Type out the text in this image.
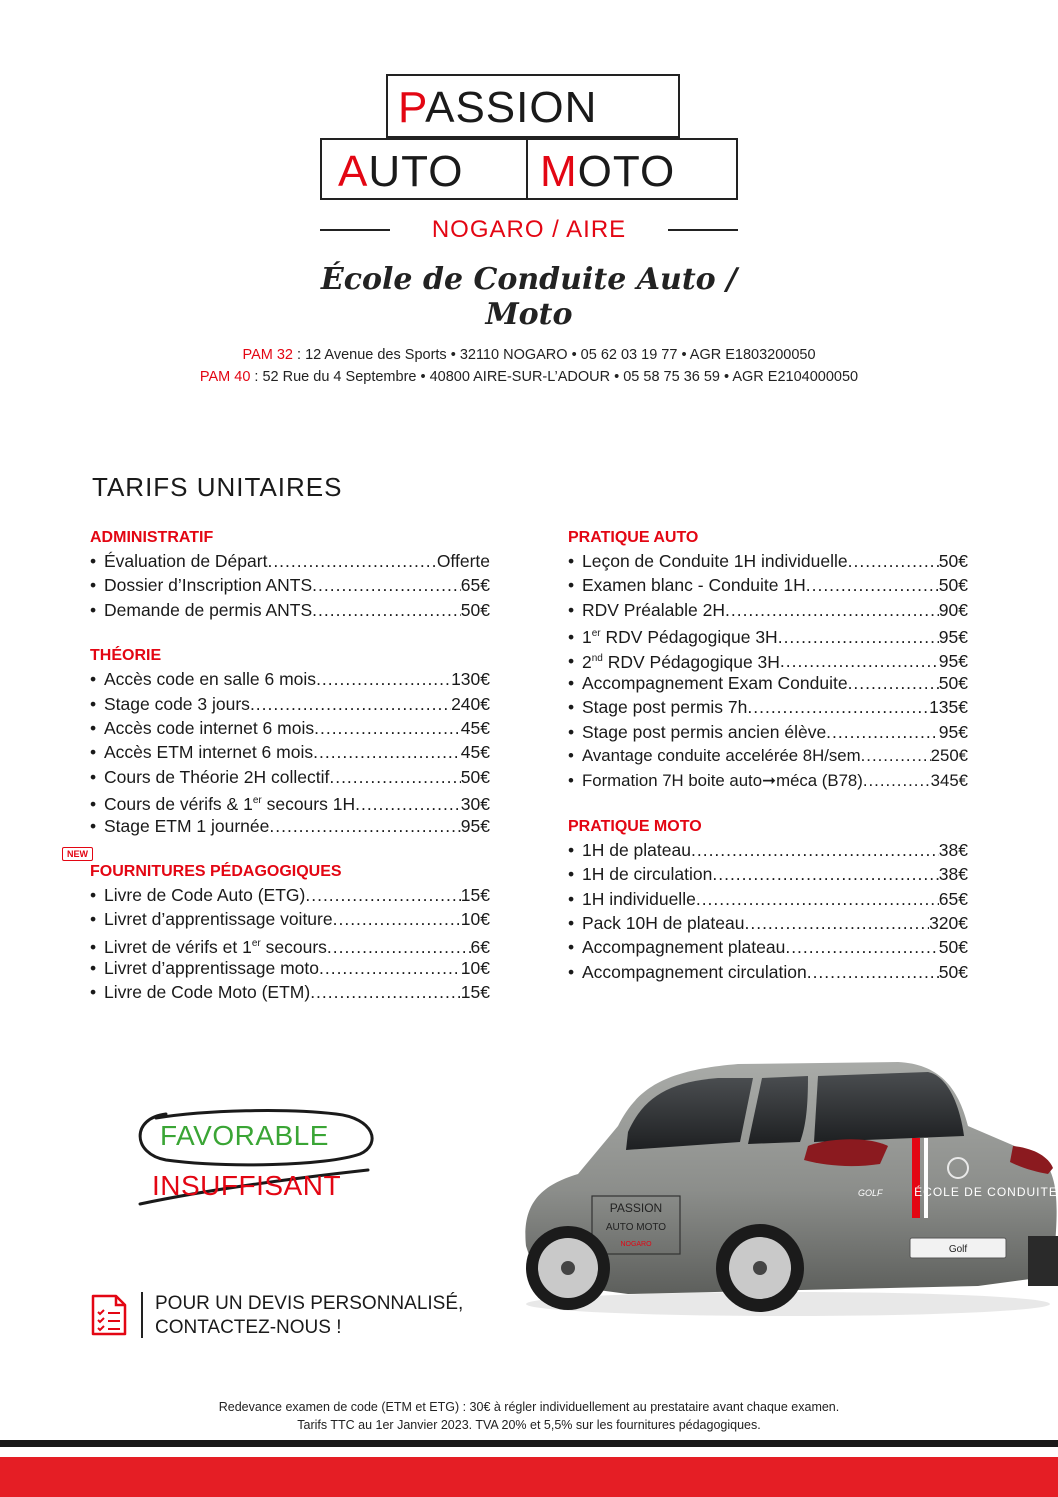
PASSION
AUTO MOTO
NOGARO / AIRE
École de Conduite Auto / Moto
PAM 32 : 12 Avenue des Sports • 32110 NOGARO • 05 62 03 19 77 • AGR E1803200050
PAM 40 : 52 Rue du 4 Septembre • 40800 AIRE-SUR-L’ADOUR • 05 58 75 36 59 • AGR E2104000050
TARIFS UNITAIRES
NEW
ADMINISTRATIF
• Évaluation de Départ .....	Offerte
• Dossier d’Inscription ANTS .....	65€
• Demande de permis ANTS .....	50€
THÉORIE
• Accès code en salle 6 mois .....	130€
• Stage code 3 jours .....	240€
• Accès code internet 6 mois .....	45€
• Accès ETM internet 6 mois .....	45€
• Cours de Théorie 2H collectif .....	50€
• Cours de vérifs & 1er secours 1H .....	30€
• Stage ETM 1 journée .....	95€
FOURNITURES PÉDAGOGIQUES
• Livre de Code Auto (ETG) .....	15€
• Livret d’apprentissage voiture .....	10€
• Livret de vérifs et 1er secours .....	6€
• Livret d’apprentissage moto .....	10€
• Livre de Code Moto (ETM) .....	15€
PRATIQUE AUTO
• Leçon de Conduite 1H individuelle .....	50€
• Examen blanc - Conduite 1H .....	50€
• RDV Préalable 2H .....	90€
• 1er RDV Pédagogique 3H .....	95€
• 2nd RDV Pédagogique 3H .....	95€
• Accompagnement Exam Conduite .....	50€
• Stage post permis 7h .....	135€
• Stage post permis ancien élève .....	95€
• Avantage conduite accelérée 8H/sem .....	250€
• Formation 7H boite auto➞méca (B78) .....	345€
PRATIQUE MOTO
• 1H de plateau .....	38€
• 1H de circulation .....	38€
• 1H individuelle .....	65€
• Pack 10H de plateau .....	320€
• Accompagnement plateau .....	50€
• Accompagnement circulation .....	50€
FAVORABLE
INSUFFISANT
POUR UN DEVIS PERSONNALISÉ,
CONTACTEZ-NOUS !
ÉCOLE DE CONDUITE
GOLF
Golf
PASSION
AUTO MOTO
NOGARO
Redevance examen de code (ETM et ETG) : 30€ à régler individuellement au prestataire avant chaque examen.
Tarifs TTC au 1er Janvier 2023. TVA 20% et 5,5% sur les fournitures pédagogiques.
